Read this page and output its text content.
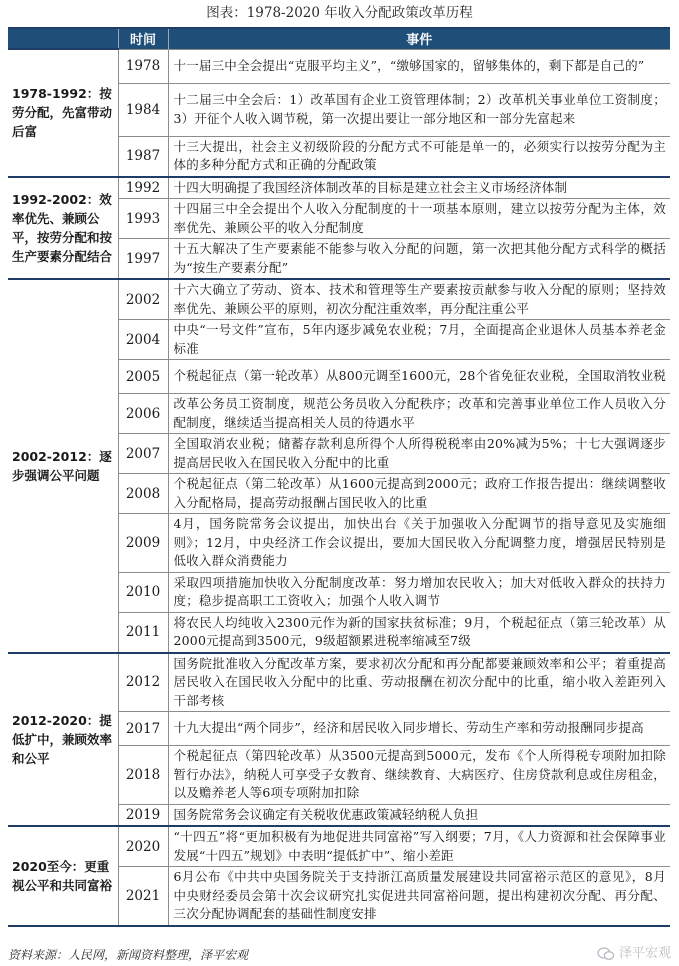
图表：1978-2020 年收入分配政策改革历程
	时间	事件
1978-1992：按劳分配，先富带动后富	1978	十一届三中全会提出“克服平均主义”，“缴够国家的，留够集体的，剩下都是自己的”
	1984	十二届三中全会后：1）改革国有企业工资管理体制；2）改革机关事业单位工资制度；3）开征个人收入调节税，第一次提出要让一部分地区和一部分先富起来
	1987	十三大提出，社会主义初级阶段的分配方式不可能是单一的，必须实行以按劳分配为主体的多种分配方式和正确的分配政策
1992-2002：效率优先、兼顾公平，按劳分配和按生产要素分配结合	1992	十四大明确提了我国经济体制改革的目标是建立社会主义市场经济体制
	1993	十四届三中全会提出个人收入分配制度的十一项基本原则，建立以按劳分配为主体，效率优先、兼顾公平的收入分配制度
	1997	十五大解决了生产要素能不能参与收入分配的问题，第一次把其他分配方式科学的概括为“按生产要素分配”
2002-2012：逐步强调公平问题	2002	十六大确立了劳动、资本、技术和管理等生产要素按贡献参与收入分配的原则；坚持效率优先、兼顾公平的原则，初次分配注重效率，再分配注重公平
	2004	中央“一号文件”宣布，5年内逐步减免农业税；7月，全面提高企业退休人员基本养老金标准
	2005	个税起征点（第一轮改革）从800元调至1600元，28个省免征农业税，全国取消牧业税
	2006	改革公务员工资制度，规范公务员收入分配秩序；改革和完善事业单位工作人员收入分配制度，继续适当提高相关人员的待遇水平
	2007	全国取消农业税；储蓄存款利息所得个人所得税税率由20%减为5%；十七大强调逐步提高居民收入在国民收入分配中的比重
	2008	个税起征点（第二轮改革）从1600元提高到2000元；政府工作报告提出：继续调整收入分配格局，提高劳动报酬占国民收入的比重
	2009	4月，国务院常务会议提出，加快出台《关于加强收入分配调节的指导意见及实施细则》；12月，中央经济工作会议提出，要加大国民收入分配调整力度，增强居民特别是低收入群众消费能力
	2010	采取四项措施加快收入分配制度改革：努力增加农民收入；加大对低收入群众的扶持力度；稳步提高职工工资收入；加强个人收入调节
	2011	将农民人均纯收入2300元作为新的国家扶贫标准；9月，个税起征点（第三轮改革）从2000元提高到3500元，9级超额累进税率缩减至7级
2012-2020：提低扩中，兼顾效率和公平	2012	国务院批准收入分配改革方案，要求初次分配和再分配都要兼顾效率和公平；着重提高居民收入在国民收入分配中的比重、劳动报酬在初次分配中的比重，缩小收入差距列入干部考核
	2017	十九大提出“两个同步”，经济和居民收入同步增长、劳动生产率和劳动报酬同步提高
	2018	个税起征点（第四轮改革）从3500元提高到5000元，发布《个人所得税专项附加扣除暂行办法》，纳税人可享受子女教育、继续教育、大病医疗、住房贷款利息或住房租金，以及赡养老人等6项专项附加扣除
	2019	国务院常务会议确定有关税收优惠政策减轻纳税人负担
2020至今：更重视公平和共同富裕	2020	“十四五”将“更加积极有为地促进共同富裕”写入纲要；7月，《人力资源和社会保障事业发展“十四五”规划》中表明“提低扩中”、缩小差距
	2021	6月公布《中共中央国务院关于支持浙江高质量发展建设共同富裕示范区的意见》，8月中央财经委员会第十次会议研究扎实促进共同富裕问题，提出构建初次分配、再分配、三次分配协调配套的基础性制度安排
资料来源：人民网，新闻资料整理，泽平宏观	泽平宏观
